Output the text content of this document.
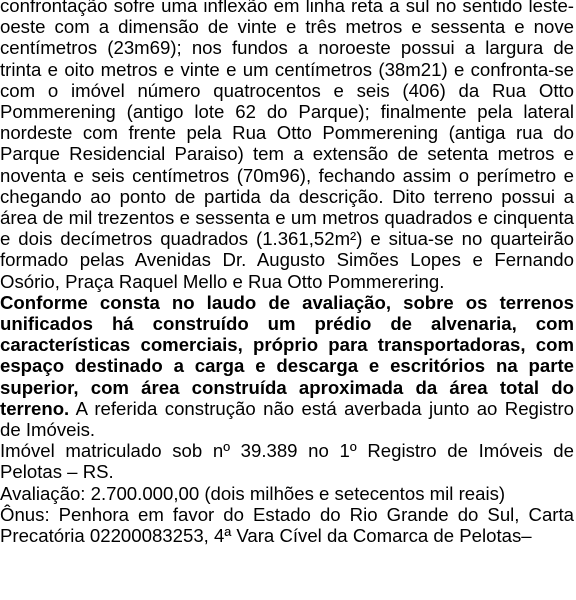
confrontação sofre uma inflexão em linha reta a sul no sentido leste-oeste com a dimensão de vinte e três metros e sessenta e nove centímetros (23m69); nos fundos a noroeste possui a largura de trinta e oito metros e vinte e um centímetros (38m21) e confronta-se com o imóvel número quatrocentos e seis (406) da Rua Otto Pommerening (antigo lote 62 do Parque); finalmente pela lateral nordeste com frente pela Rua Otto Pommerening (antiga rua do Parque Residencial Paraiso) tem a extensão de setenta metros e noventa e seis centímetros (70m96), fechando assim o perímetro e chegando ao ponto de partida da descrição. Dito terreno possui a área de mil trezentos e sessenta e um metros quadrados e cinquenta e dois decímetros quadrados (1.361,52m²) e situa-se no quarteirão formado pelas Avenidas Dr. Augusto Simões Lopes e Fernando Osório, Praça Raquel Mello e Rua Otto Pommerering.

Conforme consta no laudo de avaliação, sobre os terrenos unificados há construído um prédio de alvenaria, com características comerciais, próprio para transportadoras, com espaço destinado a carga e descarga e escritórios na parte superior, com área construída aproximada da área total do terreno. A referida construção não está averbada junto ao Registro de Imóveis.

Imóvel matriculado sob nº 39.389 no 1º Registro de Imóveis de Pelotas – RS.

Avaliação: 2.700.000,00 (dois milhões e setecentos mil reais)

Ônus: Penhora em favor do Estado do Rio Grande do Sul, Carta Precatória 02200083253, 4ª Vara Cível da Comarca de Pelotas–
